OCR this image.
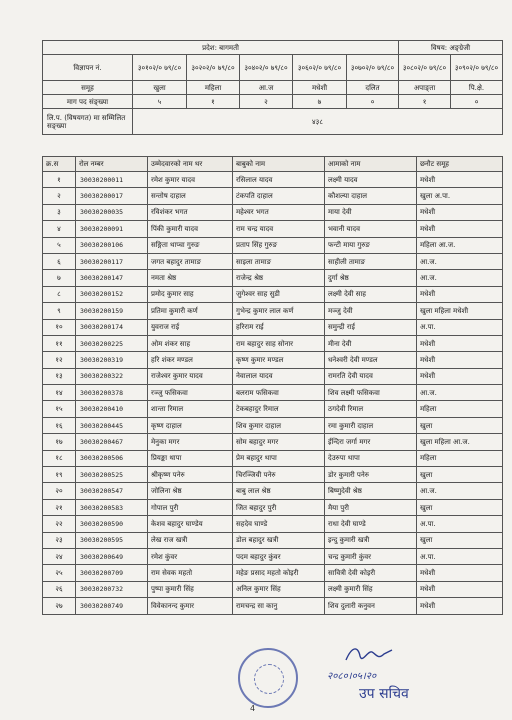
प्रदेश: बागमती						विषय: अङ्ग्रेजी	
विज्ञापन नं.	३०१०२/० ७९/८०	३०२०२/० ७९/८०	३०४०२/० ७९/८०	३०६०२/० ७९/८०	३०७०२/० ७९/८०	३०८०२/० ७९/८०	३०९०२/० ७९/८०
समूह	खुला	महिला	आ.ज	मधेशी	दलित	अपाङ्ता	पि.क्षे.
माग पद संङ्ख्या	५	१	२	७	०	१	०
लि.प. (विषयगत) मा सम्मिलित सङ्ख्या	४३८						
क्र.स	रोल नम्बर	उम्मेदवारको नाम थर	बाबुको नाम	आमाको नाम	छनौट समूह
१	30030200011	रमेश कुमार यादव	रसिलाल यादव	लक्ष्मी यादव	मधेशी
२	30030200017	सन्तोष दाहाल	टंकपति दाहाल	कौशल्या दाहाल	खुला अ.पा.
३	30030200035	रविशंकर भगत	महेश्वर भगत	माया देवी	मधेशी
४	30030200091	पिंकी कुमारी यादव	राम चन्द्र यादव	भवानी यादव	मधेशी
५	30030200106	सङ्गिता थाप्चा गुरुङ	प्रताप सिंह गुरुङ	फन्टी माया गुरुङ	महिला आ.ज.
६	30030200117	जगत बहादुर तामाङ	साइला तामाङ	साहीली तामाङ	आ.ज.
७	30030200147	नमता श्रेष्ठ	राजेन्द्र श्रेष्ठ	दुर्गा श्रेष्ठ	आ.ज.
८	30030200152	प्रमोद कुमार साह	जुगेश्वर साह सुडी	लक्ष्मी देवी साह	मधेशी
९	30030200159	प्रतिमा कुमारी कर्ण	गुभेन्द्र कुमार लाल कर्ण	मञ्जु देवी	खुला महिला मधेशी
१०	30030200174	युवराज राई	हरिराम राई	समुन्द्री राई	अ.पा.
११	30030200225	ओम शंकर साह	राम बहादुर साह सोनार	मीना देवी	मधेशी
१२	30030200319	हरि शंकर मण्डल	कृष्ण कुमार मण्डल	धनेश्वरी देवी मण्डल	मधेशी
१३	30030200322	राजेश्वर कुमार यादव	नेवालाल यादव	रामरति देवी यादव	मधेशी
१४	30030200378	रञ्जु फसिकवा	बलराम फसिकवा	शिव लक्ष्मी फसिकवा	आ.ज.
१५	30030200410	शान्ता रिमाल	टेकबहादुर रिमाल	ठगदेवी रिमाल	महिला
१६	30030200445	कृष्ण दाहाल	शिव कुमार दाहाल	रमा कुमारी दाहाल	खुला
१७	30030200467	मेनुका मगर	सोम बहादुर मगर	ईन्दिरा जर्गा मगर	खुला महिला आ.ज.
१८	30030200506	प्रियङ्का थापा	प्रेम बहादुर थापा	देउरुपा थापा	महिला
१९	30030200525	श्रीकृष्ण पनेरु	चिरञ्जिवी पनेरु	डोर कुमारी पनेरु	खुला
२०	30030200547	जोलिना श्रेष्ठ	बाबु लाल श्रेष्ठ	बिष्णुदेवी श्रेष्ठ	आ.ज.
२१	30030200583	गोपाल पुरी	जित बहादुर पुरी	मैया पुरी	खुला
२२	30030200590	केशव बहादुर घाण्डेय	सहदेव घाण्डे	राधा देवी घाण्डे	अ.पा.
२३	30030200595	लेख राज खत्री	डोल बहादुर खत्री	इन्दु कुमारी खत्री	खुला
२४	30030200649	रमेश कुंवर	पदम बहादुर कुंवर	चन्द्र कुमारी कुंवर	अ.पा.
२५	30030200709	राम सेवक महतो	महेङ प्रसाद महतो कोइरी	सावित्री देवी कोइरी	मधेशी
२६	30030200732	पुष्पा कुमारी सिंह	अनिल कुमार सिंह	लक्ष्मी कुमारी सिंह	मधेशी
२७	30030200749	विवेकानन्द कुमार	रामचन्द्र सा कानु	शिव दुलारी कनुवन	मधेशी
२०८०।०५।२०
उप सचिव
4
